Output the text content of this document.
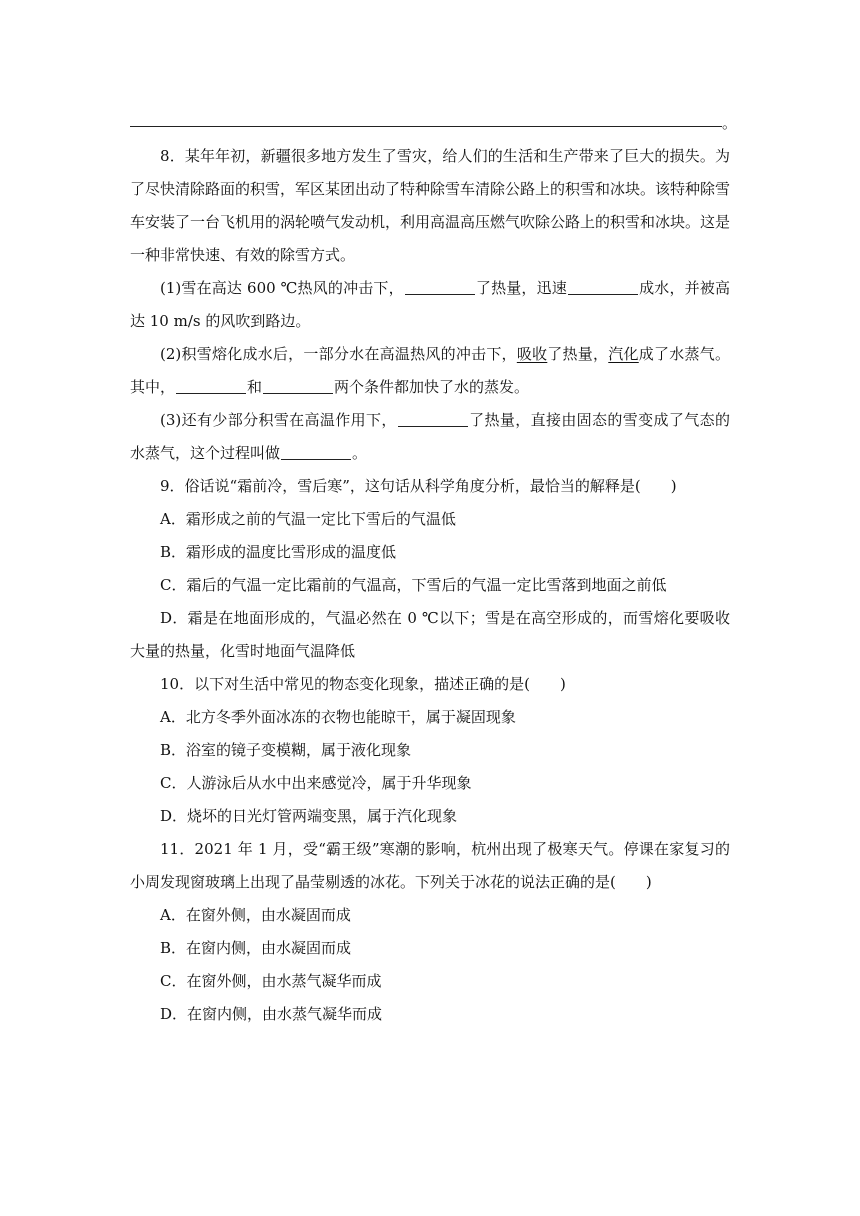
。

8．某年年初，新疆很多地方发生了雪灾，给人们的生活和生产带来了巨大的损失。为了尽快清除路面的积雪，军区某团出动了特种除雪车清除公路上的积雪和冰块。该特种除雪车安装了一台飞机用的涡轮喷气发动机，利用高温高压燃气吹除公路上的积雪和冰块。这是一种非常快速、有效的除雪方式。

(1)雪在高达 600 ℃热风的冲击下，	了热量，迅速	成水，并被高达 10 m/s 的风吹到路边。

(2)积雪熔化成水后，一部分水在高温热风的冲击下，吸收了热量，汽化成了水蒸气。其中，	和	两个条件都加快了水的蒸发。

(3)还有少部分积雪在高温作用下，	了热量，直接由固态的雪变成了气态的水蒸气，这个过程叫做	。

9．俗话说“霜前冷，雪后寒”，这句话从科学角度分析，最恰当的解释是(　　)

A．霜形成之前的气温一定比下雪后的气温低

B．霜形成的温度比雪形成的温度低

C．霜后的气温一定比霜前的气温高，下雪后的气温一定比雪落到地面之前低

D．霜是在地面形成的，气温必然在 0 ℃以下；雪是在高空形成的，而雪熔化要吸收大量的热量，化雪时地面气温降低

10．以下对生活中常见的物态变化现象，描述正确的是(　　)

A．北方冬季外面冰冻的衣物也能晾干，属于凝固现象

B．浴室的镜子变模糊，属于液化现象

C．人游泳后从水中出来感觉冷，属于升华现象

D．烧坏的日光灯管两端变黑，属于汽化现象

11．2021 年 1 月，受“霸王级”寒潮的影响，杭州出现了极寒天气。停课在家复习的小周发现窗玻璃上出现了晶莹剔透的冰花。下列关于冰花的说法正确的是(　　)

A．在窗外侧，由水凝固而成

B．在窗内侧，由水凝固而成

C．在窗外侧，由水蒸气凝华而成

D．在窗内侧，由水蒸气凝华而成
